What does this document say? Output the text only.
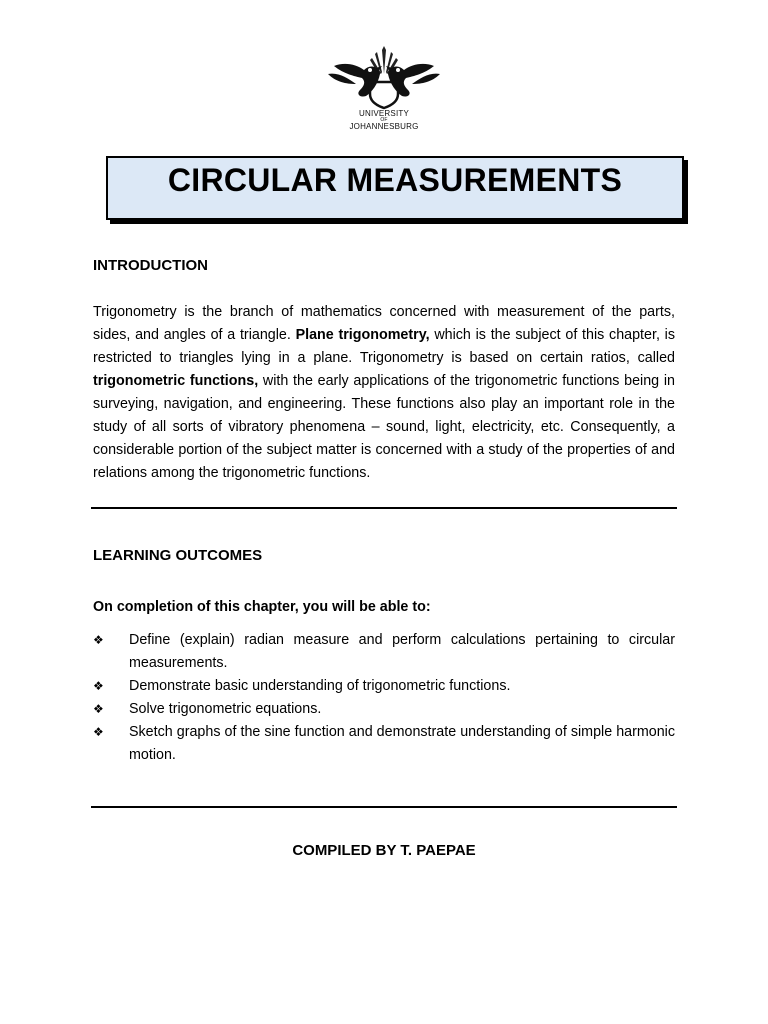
UNIVERSITY
OF
JOHANNESBURG
CIRCULAR MEASUREMENTS
INTRODUCTION

Trigonometry is the branch of mathematics concerned with measurement of the parts, sides, and angles of a triangle. Plane trigonometry, which is the subject of this chapter, is restricted to triangles lying in a plane. Trigonometry is based on certain ratios, called trigonometric functions, with the early applications of the trigonometric functions being in surveying, navigation, and engineering. These functions also play an important role in the study of all sorts of vibratory phenomena – sound, light, electricity, etc. Consequently, a considerable portion of the subject matter is concerned with a study of the properties of and relations among the trigonometric functions.

LEARNING OUTCOMES
On completion of this chapter, you will be able to:
❖ Define (explain) radian measure and perform calculations pertaining to circular measurements.
❖ Demonstrate basic understanding of trigonometric functions.
❖ Solve trigonometric equations.
❖ Sketch graphs of the sine function and demonstrate understanding of simple harmonic motion.
COMPILED BY T. PAEPAE
